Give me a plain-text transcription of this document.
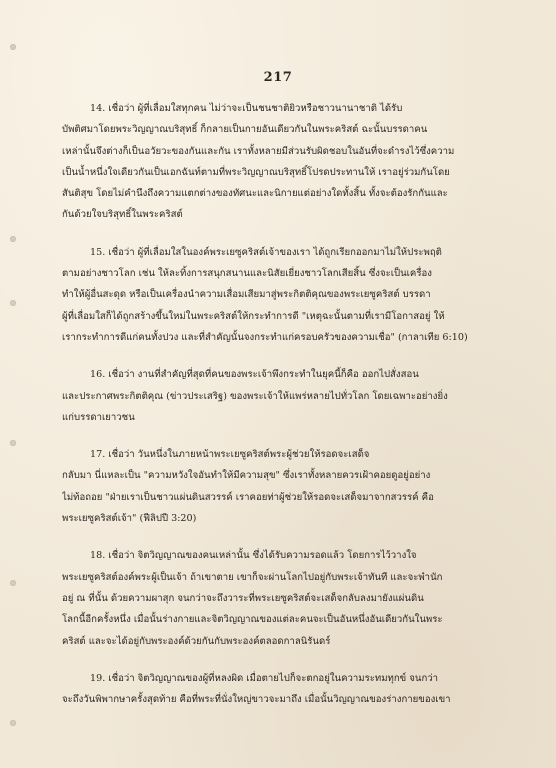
217
14. เชื่อว่า ผู้ที่เลื่อมใสทุกคน ไม่ว่าจะเป็นชนชาติยิวหรือชาวนานาชาติ ได้รับ
บัพติศมาโดยพระวิญญาณบริสุทธิ์ ก็กลายเป็นกายอันเดียวกันในพระคริสต์ ฉะนั้นบรรดาคน
เหล่านั้นจึงต่างก็เป็นอวัยวะของกันและกัน เราทั้งหลายมีส่วนรับผิดชอบในอันที่จะดำรงไว้ซึ่งความ
เป็นน้ำหนึ่งใจเดียวกันเป็นเอกฉันท์ตามที่พระวิญญาณบริสุทธิ์โปรดประทานให้ เราอยู่ร่วมกันโดย
สันติสุข โดยไม่คำนึงถึงความแตกต่างของทัศนะและนิกายแต่อย่างใดทั้งสิ้น ทั้งจะต้องรักกันและ
กันด้วยใจบริสุทธิ์ในพระคริสต์
15. เชื่อว่า ผู้ที่เลื่อมใสในองค์พระเยซูคริสต์เจ้าของเรา ได้ถูกเรียกออกมาไม่ให้ประพฤติ
ตามอย่างชาวโลก เช่น ให้ละทิ้งการสนุกสนานและนิสัยเยี่ยงชาวโลกเสียสิ้น ซึ่งจะเป็นเครื่อง
ทำให้ผู้อื่นสะดุด หรือเป็นเครื่องนำความเสื่อมเสียมาสู่พระกิตติคุณของพระเยซูคริสต์ บรรดา
ผู้ที่เลื่อมใสก็ได้ถูกสร้างขึ้นใหม่ในพระคริสต์ให้กระทำการดี "เหตุฉะนั้นตามที่เรามีโอกาสอยู่ ให้
เรากระทำการดีแก่คนทั้งปวง และที่สำคัญนั้นจงกระทำแก่ครอบครัวของความเชื่อ" (กาลาเทีย 6:10)
16. เชื่อว่า งานที่สำคัญที่สุดที่คนของพระเจ้าพึงกระทำในยุคนี้ก็คือ ออกไปสั่งสอน
และประกาศพระกิตติคุณ (ข่าวประเสริฐ) ของพระเจ้าให้แพร่หลายไปทั่วโลก โดยเฉพาะอย่างยิ่ง
แก่บรรดาเยาวชน
17. เชื่อว่า วันหนึ่งในภายหน้าพระเยซูคริสต์พระผู้ช่วยให้รอดจะเสด็จ
กลับมา นี่แหละเป็น "ความหวังใจอันทำให้มีความสุข" ซึ่งเราทั้งหลายควรเฝ้าคอยดูอยู่อย่าง
ไม่ท้อถอย "ฝ่ายเราเป็นชาวแผ่นดินสวรรค์ เราคอยท่าผู้ช่วยให้รอดจะเสด็จมาจากสวรรค์ คือ
พระเยซูคริสต์เจ้า" (ฟีลิปปี 3:20)
18. เชื่อว่า จิตวิญญาณของคนเหล่านั้น ซึ่งได้รับความรอดแล้ว โดยการไว้วางใจ
พระเยซูคริสต์องค์พระผู้เป็นเจ้า ถ้าเขาตาย เขาก็จะผ่านโลกไปอยู่กับพระเจ้าทันที และจะพำนัก
อยู่ ณ ที่นั้น ด้วยความผาสุก จนกว่าจะถึงวาระที่พระเยซูคริสต์จะเสด็จกลับลงมายังแผ่นดิน
โลกนี้อีกครั้งหนึ่ง เมื่อนั้นร่างกายและจิตวิญญาณของแต่ละคนจะเป็นอันหนึ่งอันเดียวกันในพระ
คริสต์ และจะได้อยู่กับพระองค์ด้วยกันกับพระองค์ตลอดกาลนิรันดร์
19. เชื่อว่า จิตวิญญาณของผู้ที่หลงผิด เมื่อตายไปก็จะตกอยู่ในความระทมทุกข์ จนกว่า
จะถึงวันพิพากษาครั้งสุดท้าย คือที่พระที่นั่งใหญ่ขาวจะมาถึง เมื่อนั้นวิญญาณของร่างกายของเขา
